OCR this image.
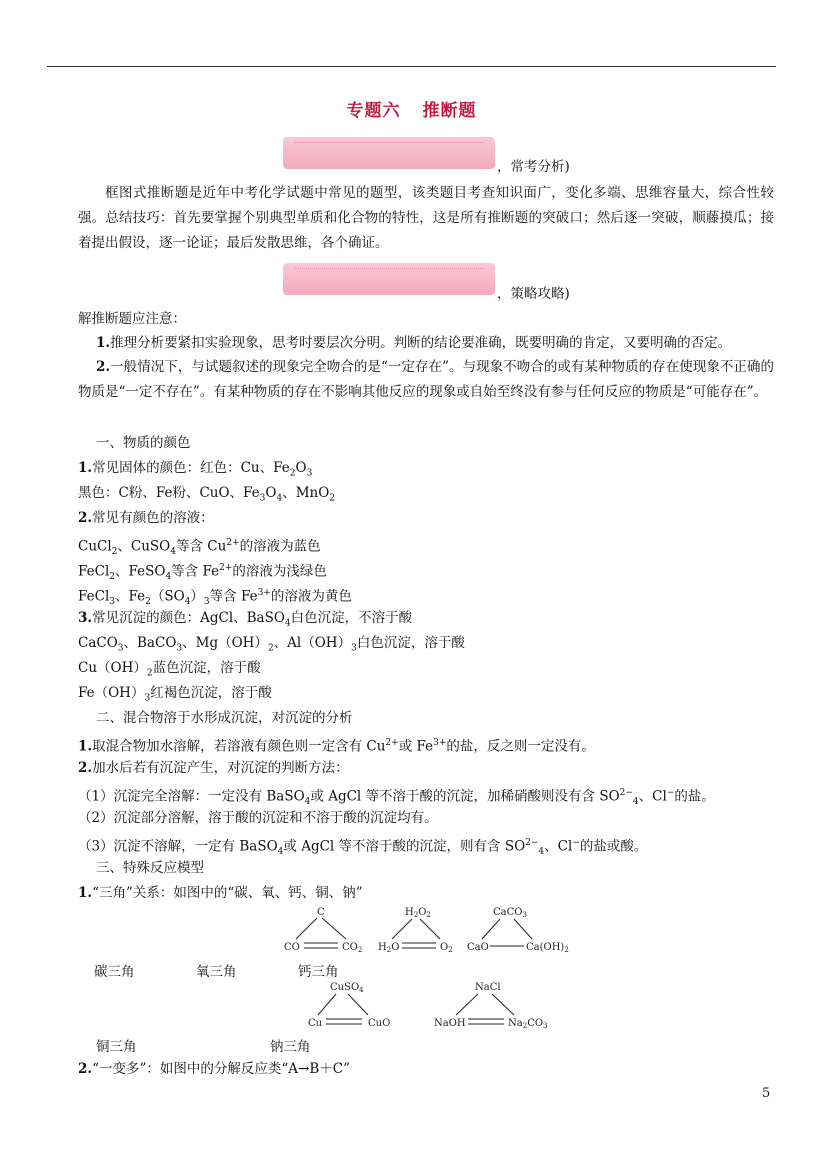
专题六 推断题
，常考分析)
框图式推断题是近年中考化学试题中常见的题型，该类题目考查知识面广，变化多端、思维容量大，综合性较强。总结技巧：首先要掌握个别典型单质和化合物的特性，这是所有推断题的突破口；然后逐一突破，顺藤摸瓜；接着提出假设，逐一论证；最后发散思维，各个确证。
，策略攻略)
解推断题应注意：
1.推理分析要紧扣实验现象，思考时要层次分明。判断的结论要准确，既要明确的肯定，又要明确的否定。
2.一般情况下，与试题叙述的现象完全吻合的是“一定存在”。与现象不吻合的或有某种物质的存在使现象不正确的物质是“一定不存在”。有某种物质的存在不影响其他反应的现象或自始至终没有参与任何反应的物质是“可能存在”。
一、物质的颜色
1.常见固体的颜色：红色：Cu、$Fe_2O_3$
黑色：C粉、Fe粉、CuO、$Fe_3O_4$、MnO$_2$
2.常见有颜色的溶液：
CuCl$_2$、CuSO$_4$等含 $Cu^{2+}$的溶液为蓝色
FeCl$_2$、FeSO$_4$等含 $Fe^{2+}$的溶液为浅绿色
FeCl$_3$、$Fe_2(SO_4)_3$等含 $Fe^{3+}$的溶液为黄色
3.常见沉淀的颜色：AgCl、BaSO$_4$白色沉淀，不溶于酸
CaCO$_3$、BaCO$_3$、$Mg(OH)_2$、$Al(OH)_3$白色沉淀，溶于酸
$Cu(OH)_2$蓝色沉淀，溶于酸
$Fe(OH)_3$红褐色沉淀，溶于酸
二、混合物溶于水形成沉淀，对沉淀的分析
1.取混合物加水溶解，若溶液有颜色则一定含有 $Cu^{2+}$或 $Fe^{3+}$的盐，反之则一定没有。
2.加水后若有沉淀产生，对沉淀的判断方法：
（1）沉淀完全溶解：一定没有 BaSO$_4$或 AgCl 等不溶于酸的沉淀，加稀硝酸则没有含 $SO^{2-}_4$、Cl−的盐。
（2）沉淀部分溶解，溶于酸的沉淀和不溶于酸的沉淀均有。
（3）沉淀不溶解，一定有 BaSO$_4$或 AgCl 等不溶于酸的沉淀，则有含 $SO^{2-}_4$、Cl−的盐或酸。
三、特殊反应模型
1.“三角”关系：如图中的“碳、氧、钙、铜、钠”
C
CO	$CO_2$
$H_2O_2$
$H_2O$	$O_2$
CaCO$_3$
CaO	$Ca(OH)_2$
碳三角	氧三角	钙三角
CuSO$_4$
Cu	CuO
NaCl
NaOH	$Na_2CO_3$
铜三角	钠三角
2.“一变多”：如图中的分解反应类“A→B＋C”
5
